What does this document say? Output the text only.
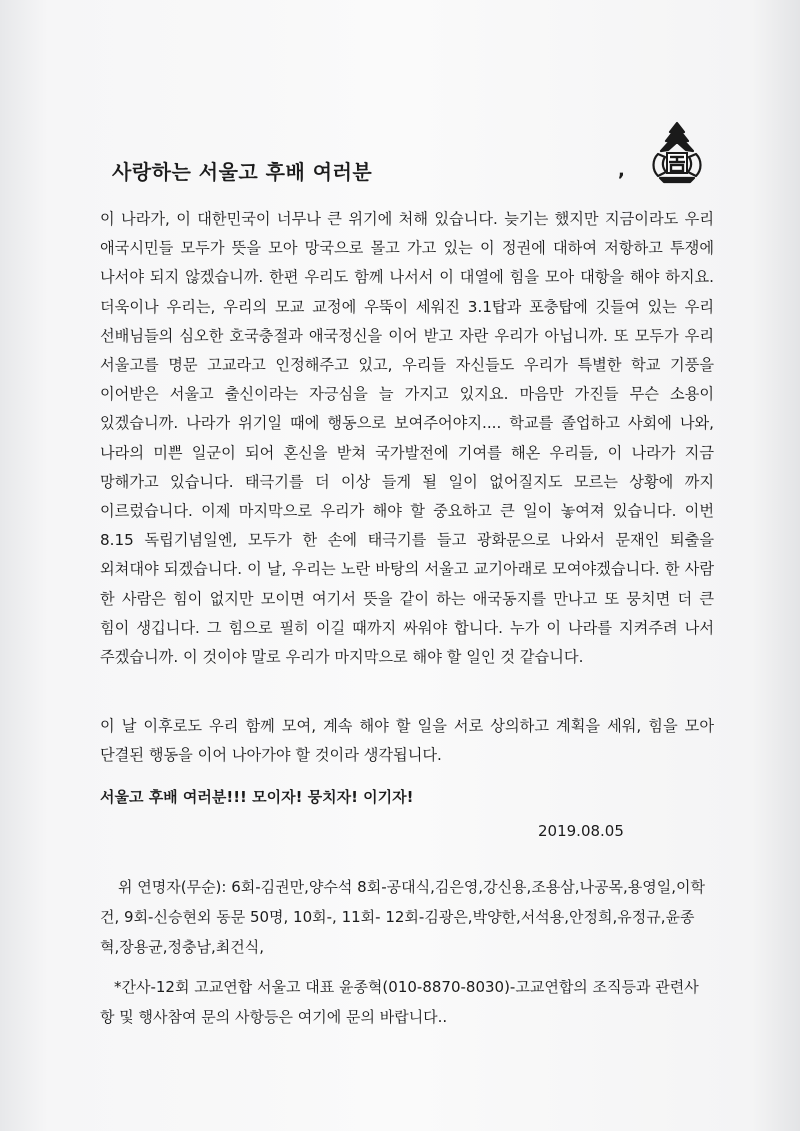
사랑하는 서울고 후배 여러분	,

이 나라가, 이 대한민국이 너무나 큰 위기에 처해 있습니다. 늦기는 했지만 지금이라도 우리 애국시민들 모두가 뜻을 모아 망국으로 몰고 가고 있는 이 정권에 대하여 저항하고 투쟁에 나서야 되지 않겠습니까. 한편 우리도 함께 나서서 이 대열에 힘을 모아 대항을 해야 하지요. 더욱이나 우리는, 우리의 모교 교정에 우뚝이 세워진 3.1탑과 포충탑에 깃들여 있는 우리 선배님들의 심오한 호국충절과 애국정신을 이어 받고 자란 우리가 아닙니까. 또 모두가 우리 서울고를 명문 고교라고 인정해주고 있고, 우리들 자신들도 우리가 특별한 학교 기풍을 이어받은 서울고 출신이라는 자긍심을 늘 가지고 있지요. 마음만 가진들 무슨 소용이 있겠습니까. 나라가 위기일 때에 행동으로 보여주어야지.... 학교를 졸업하고 사회에 나와, 나라의 미쁜 일군이 되어 혼신을 받쳐 국가발전에 기여를 해온 우리들, 이 나라가 지금 망해가고 있습니다. 태극기를 더 이상 들게 될 일이 없어질지도 모르는 상황에 까지 이르렀습니다. 이제 마지막으로 우리가 해야 할 중요하고 큰 일이 놓여져 있습니다. 이번 8.15 독립기념일엔, 모두가 한 손에 태극기를 들고 광화문으로 나와서 문재인 퇴출을 외쳐대야 되겠습니다. 이 날, 우리는 노란 바탕의 서울고 교기아래로 모여야겠습니다. 한 사람 한 사람은 힘이 없지만 모이면 여기서 뜻을 같이 하는 애국동지를 만나고 또 뭉치면 더 큰 힘이 생깁니다. 그 힘으로 필히 이길 때까지 싸워야 합니다. 누가 이 나라를 지켜주려 나서 주겠습니까. 이 것이야 말로 우리가 마지막으로 해야 할 일인 것 같습니다.

이 날 이후로도 우리 함께 모여, 계속 해야 할 일을 서로 상의하고 계획을 세워, 힘을 모아 단결된 행동을 이어 나아가야 할 것이라 생각됩니다.

서울고 후배 여러분!!! 모이자! 뭉치자! 이기자!

2019.08.05

위 연명자(무순): 6회-김권만,양수석 8회-공대식,김은영,강신용,조용삼,나공목,용영일,이학건, 9회-신승현외 동문 50명, 10회-, 11회- 12회-김광은,박양한,서석용,안정희,유정규,윤종혁,장용균,정충남,최건식,

*간사-12회 고교연합 서울고 대표 윤종혁(010-8870-8030)-고교연합의 조직등과 관련사항 및 행사참여 문의 사항등은 여기에 문의 바랍니다..
